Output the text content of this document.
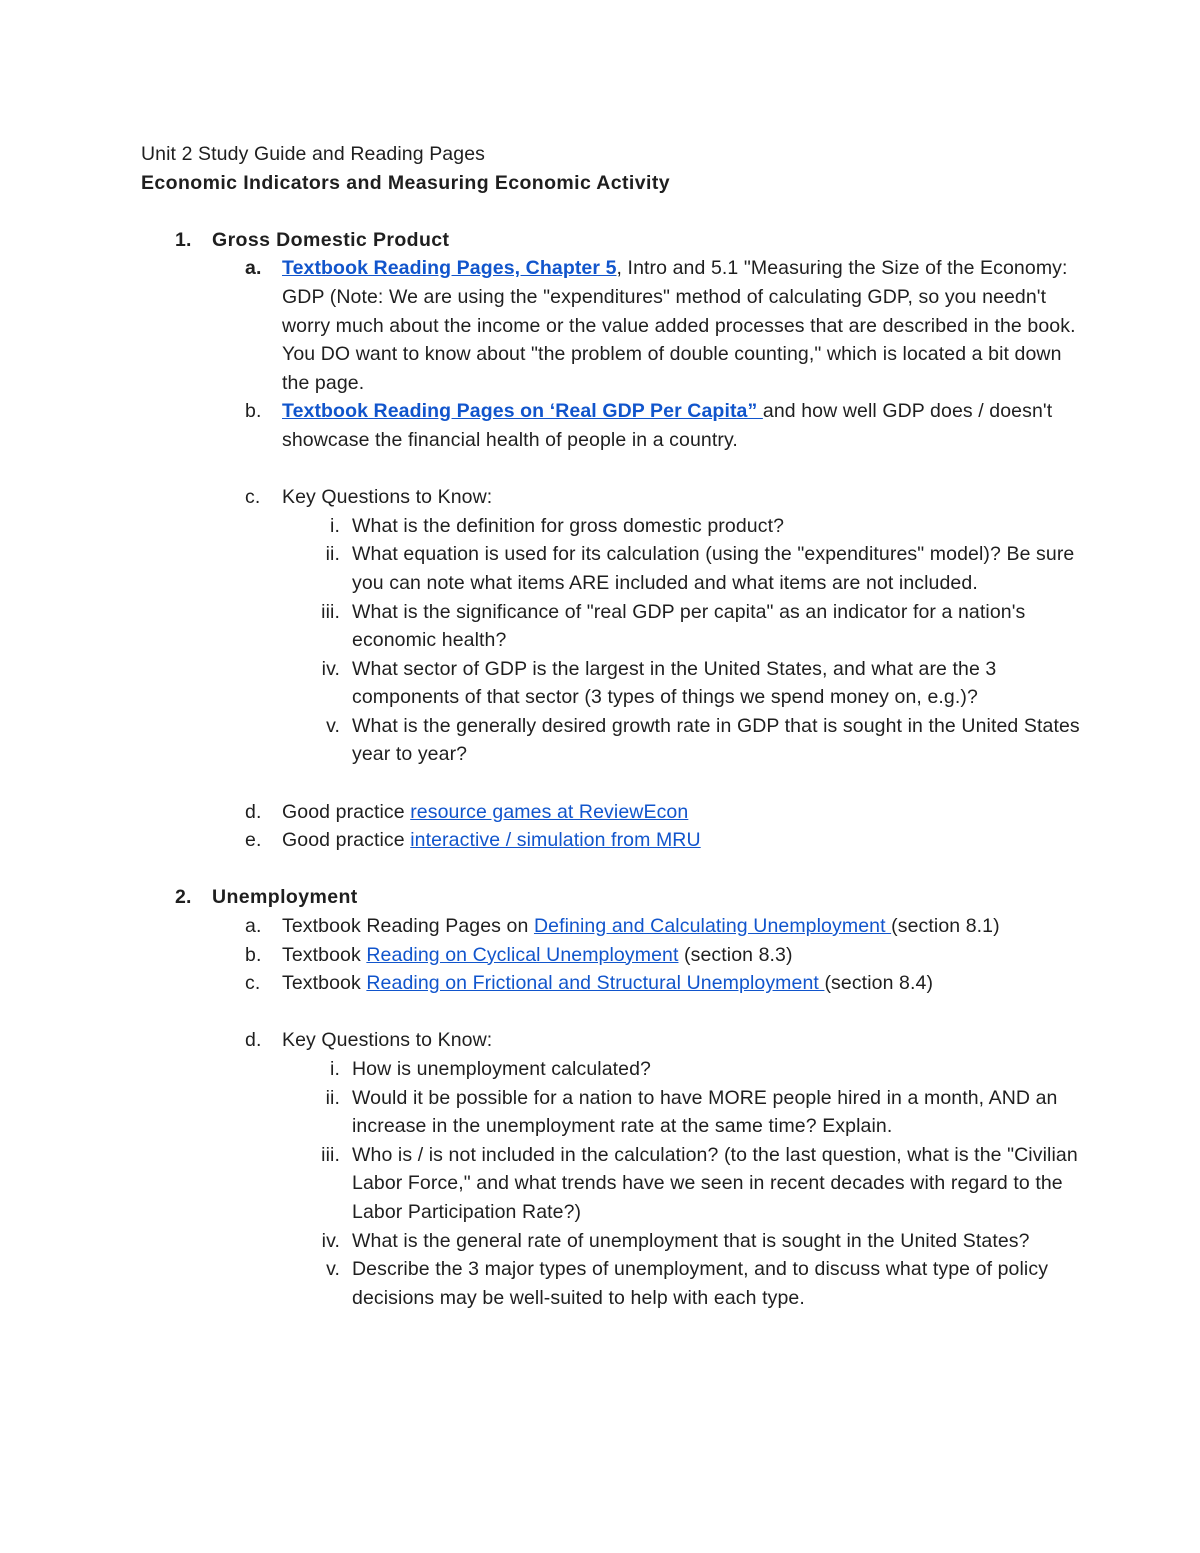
Unit 2 Study Guide and Reading Pages
Economic Indicators and Measuring Economic Activity
1. Gross Domestic Product
a. Textbook Reading Pages, Chapter 5, Intro and 5.1 "Measuring the Size of the Economy: GDP (Note: We are using the "expenditures" method of calculating GDP, so you needn't worry much about the income or the value added processes that are described in the book. You DO want to know about "the problem of double counting," which is located a bit down the page.
b. Textbook Reading Pages on ‘Real GDP Per Capita” and how well GDP does / doesn't showcase the financial health of people in a country.
c. Key Questions to Know:
i. What is the definition for gross domestic product?
ii. What equation is used for its calculation (using the "expenditures" model)? Be sure you can note what items ARE included and what items are not included.
iii. What is the significance of "real GDP per capita" as an indicator for a nation's economic health?
iv. What sector of GDP is the largest in the United States, and what are the 3 components of that sector (3 types of things we spend money on, e.g.)?
v. What is the generally desired growth rate in GDP that is sought in the United States year to year?
d. Good practice resource games at ReviewEcon
e. Good practice interactive / simulation from MRU
2. Unemployment
a. Textbook Reading Pages on Defining and Calculating Unemployment (section 8.1)
b. Textbook Reading on Cyclical Unemployment (section 8.3)
c. Textbook Reading on Frictional and Structural Unemployment (section 8.4)
d. Key Questions to Know:
i. How is unemployment calculated?
ii. Would it be possible for a nation to have MORE people hired in a month, AND an increase in the unemployment rate at the same time? Explain.
iii. Who is / is not included in the calculation? (to the last question, what is the "Civilian Labor Force," and what trends have we seen in recent decades with regard to the Labor Participation Rate?)
iv. What is the general rate of unemployment that is sought in the United States?
v. Describe the 3 major types of unemployment, and to discuss what type of policy decisions may be well-suited to help with each type.
